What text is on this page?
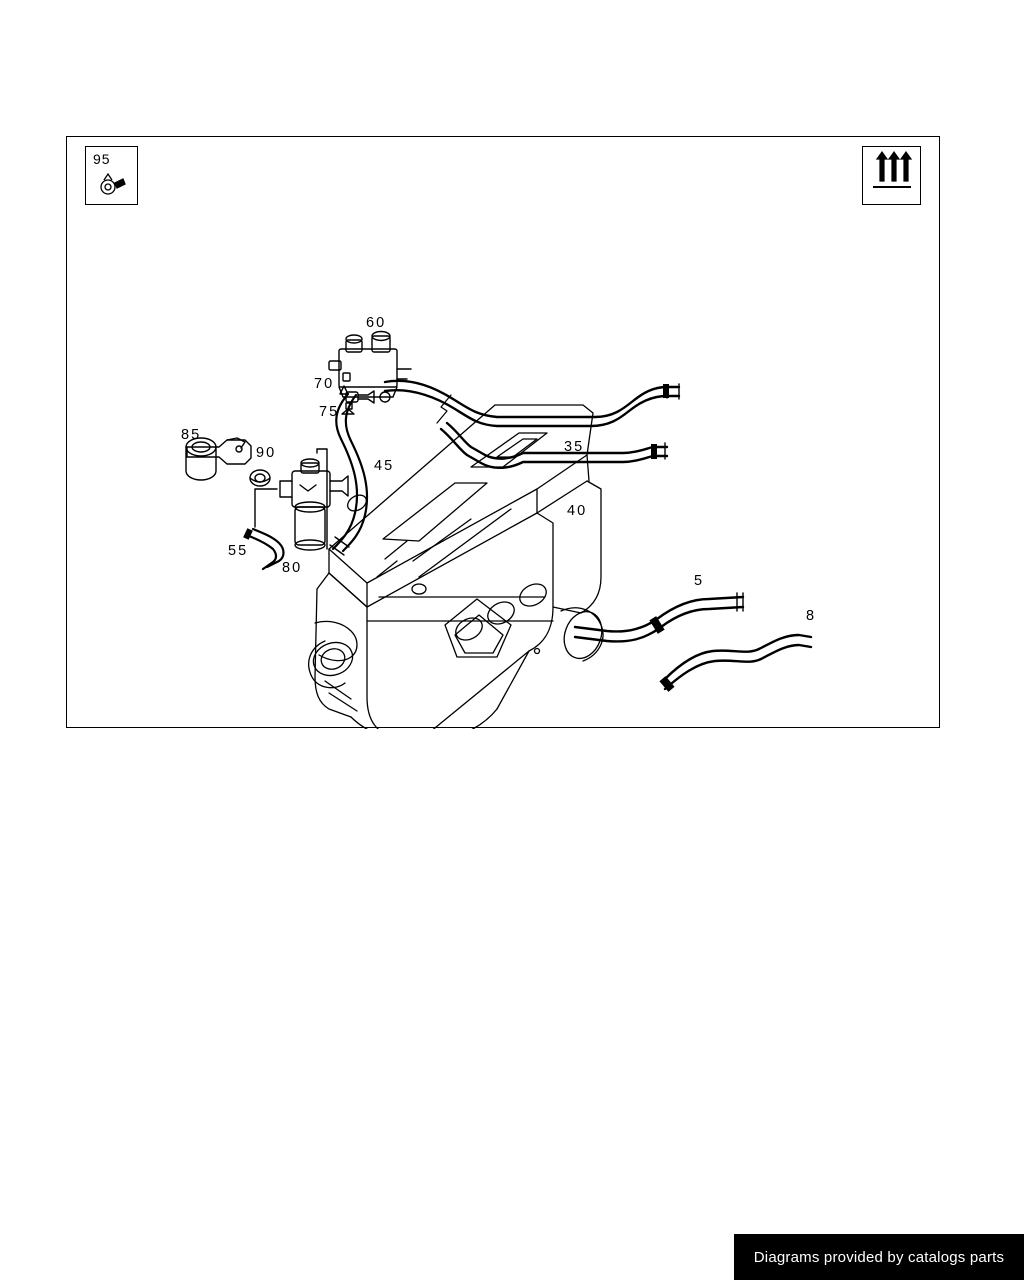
95
60
70
75
35
40
45
85
90
55
80
5
8
Diagrams provided by catalogs parts
